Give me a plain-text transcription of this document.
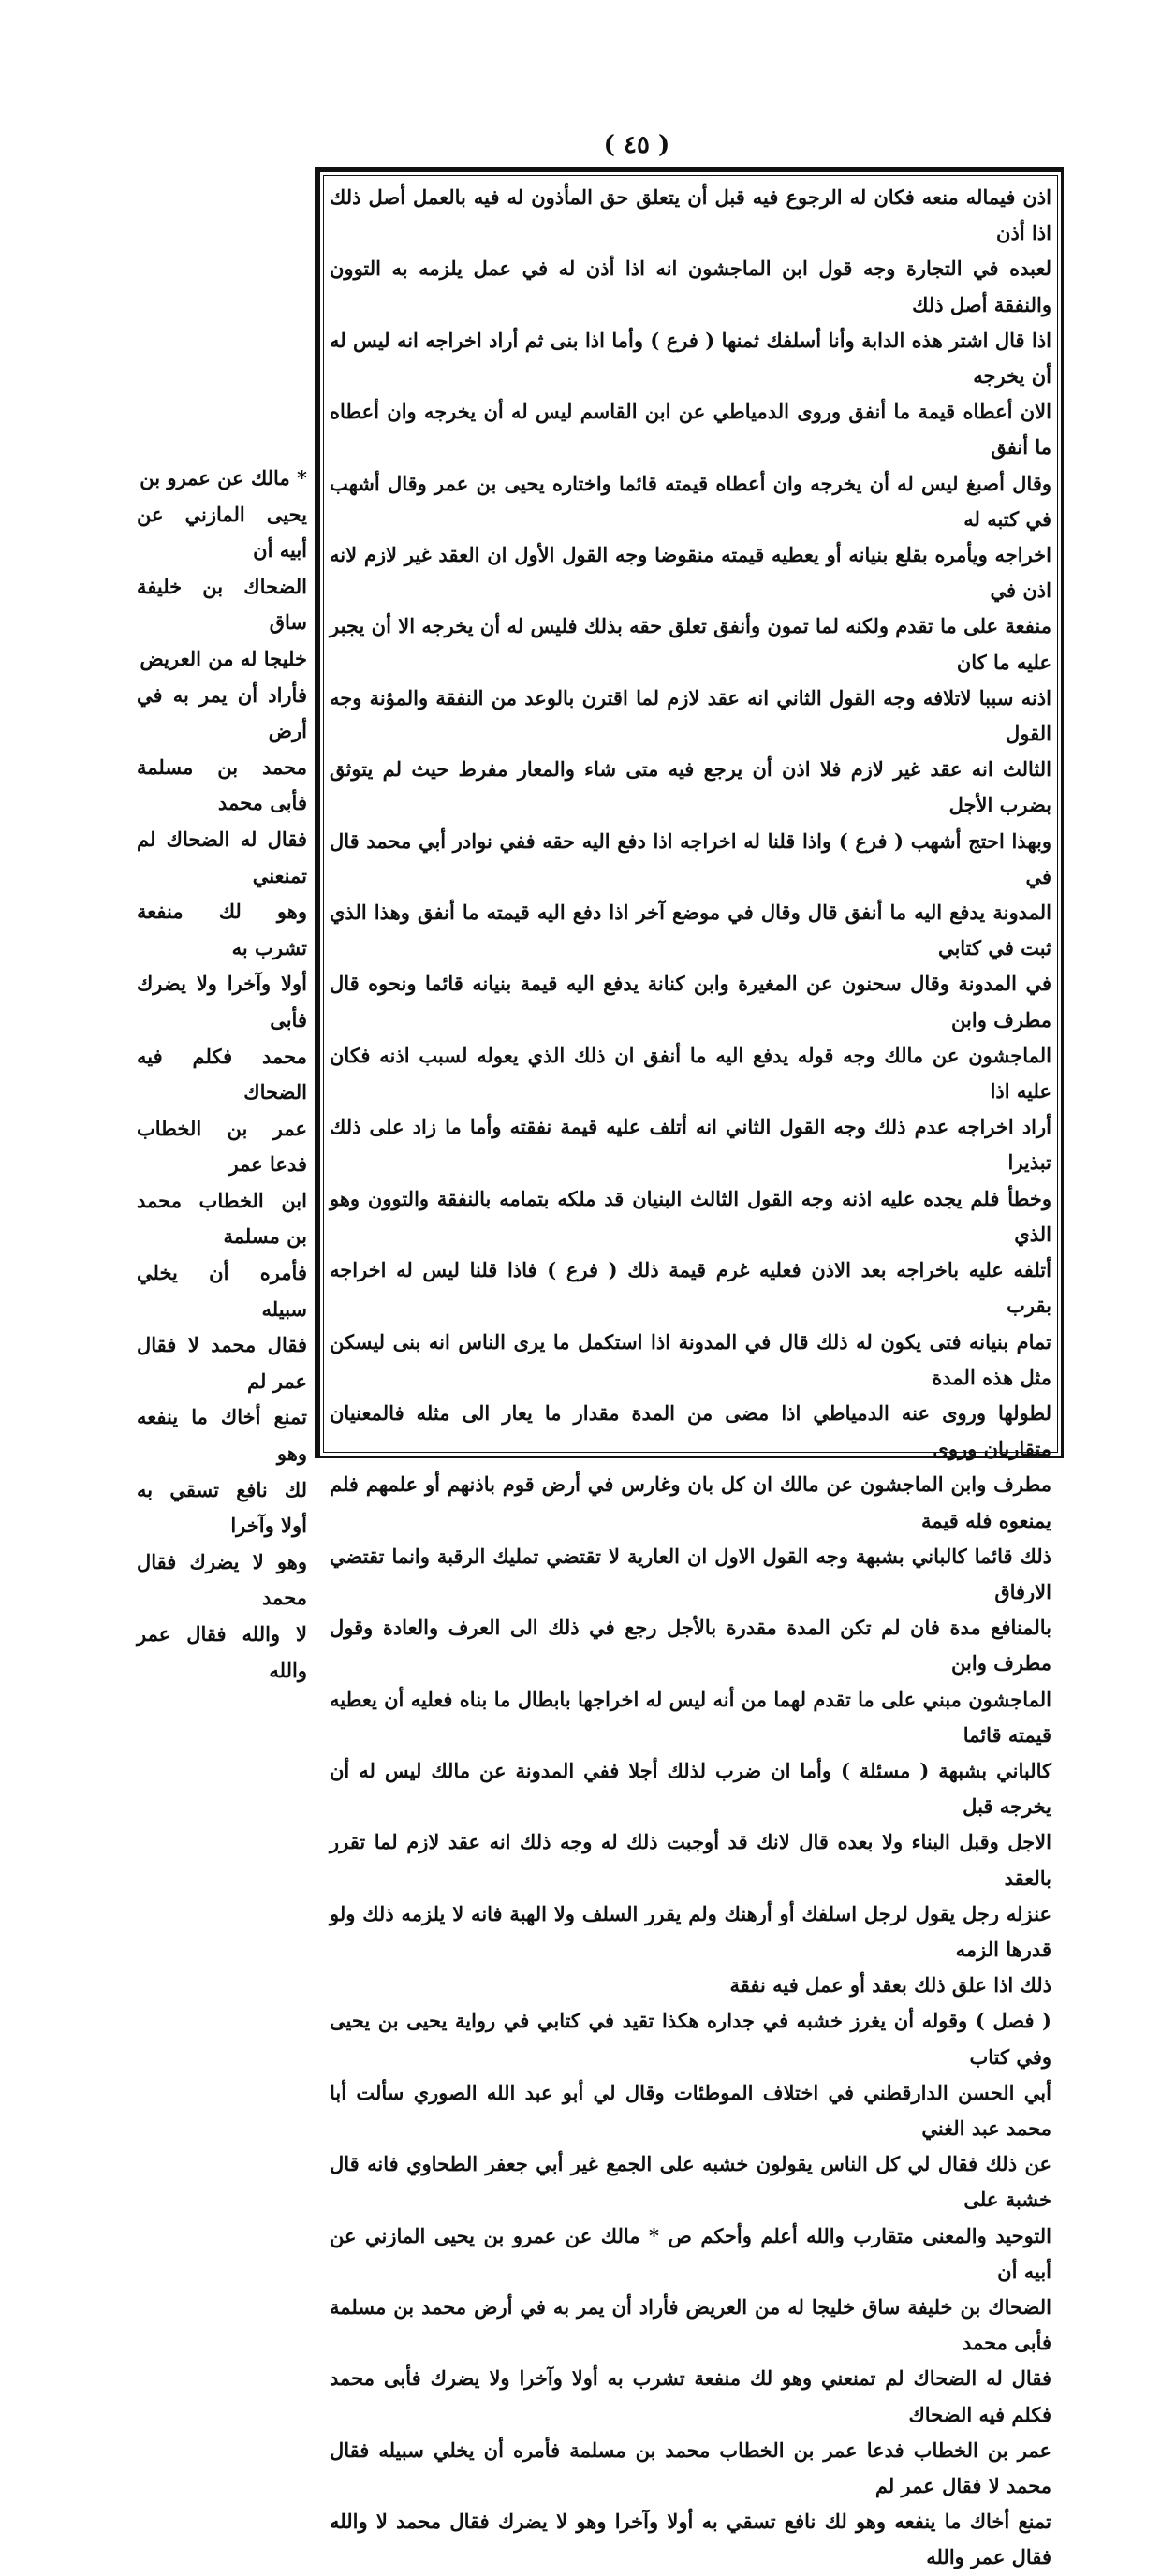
( ٤٥ )

اذن فيماله منعه فكان له الرجوع فيه قبل أن يتعلق حق المأذون له فيه بالعمل أصل ذلك اذا أذن
لعبده في التجارة وجه قول ابن الماجشون انه اذا أذن له في عمل يلزمه به التوون والنفقة أصل ذلك
اذا قال اشتر هذه الدابة وأنا أسلفك ثمنها ( فرع ) وأما اذا بنى ثم أراد اخراجه انه ليس له أن يخرجه
الان أعطاه قيمة ما أنفق وروى الدمياطي عن ابن القاسم ليس له أن يخرجه وان أعطاه ما أنفق
وقال أصبغ ليس له أن يخرجه وان أعطاه قيمته قائما واختاره يحيى بن عمر وقال أشهب في كتبه له
اخراجه ويأمره بقلع بنيانه أو يعطيه قيمته منقوضا وجه القول الأول ان العقد غير لازم لانه اذن في
منفعة على ما تقدم ولكنه لما تمون وأنفق تعلق حقه بذلك فليس له أن يخرجه الا أن يجبر عليه ما كان
اذنه سببا لاتلافه وجه القول الثاني انه عقد لازم لما اقترن بالوعد من النفقة والمؤنة وجه القول
الثالث انه عقد غير لازم فلا اذن أن يرجع فيه متى شاء والمعار مفرط حيث لم يتوثق بضرب الأجل
وبهذا احتج أشهب ( فرع ) واذا قلنا له اخراجه اذا دفع اليه حقه ففي نوادر أبي محمد قال في
المدونة يدفع اليه ما أنفق قال وقال في موضع آخر اذا دفع اليه قيمته ما أنفق وهذا الذي ثبت في كتابي
في المدونة وقال سحنون عن المغيرة وابن كنانة يدفع اليه قيمة بنيانه قائما ونحوه قال مطرف وابن
الماجشون عن مالك وجه قوله يدفع اليه ما أنفق ان ذلك الذي يعوله لسبب اذنه فكان عليه اذا
أراد اخراجه عدم ذلك وجه القول الثاني انه أتلف عليه قيمة نفقته وأما ما زاد على ذلك تبذيرا
وخطأ فلم يجده عليه اذنه وجه القول الثالث البنيان قد ملكه بتمامه بالنفقة والتوون وهو الذي
أتلفه عليه باخراجه بعد الاذن فعليه غرم قيمة ذلك ( فرع ) فاذا قلنا ليس له اخراجه بقرب
تمام بنيانه فتى يكون له ذلك قال في المدونة اذا استكمل ما يرى الناس انه بنى ليسكن مثل هذه المدة
لطولها وروى عنه الدمياطي اذا مضى من المدة مقدار ما يعار الى مثله فالمعنيان متقاربان وروى
مطرف وابن الماجشون عن مالك ان كل بان وغارس في أرض قوم باذنهم أو علمهم فلم يمنعوه فله قيمة
ذلك قائما كالباني بشبهة وجه القول الاول ان العارية لا تقتضي تمليك الرقبة وانما تقتضي الارفاق
بالمنافع مدة فان لم تكن المدة مقدرة بالأجل رجع في ذلك الى العرف والعادة وقول مطرف وابن
الماجشون مبني على ما تقدم لهما من أنه ليس له اخراجها بابطال ما بناه فعليه أن يعطيه قيمته قائما
كالباني بشبهة ( مسئلة ) وأما ان ضرب لذلك أجلا ففي المدونة عن مالك ليس له أن يخرجه قبل
الاجل وقبل البناء ولا بعده قال لانك قد أوجبت ذلك له وجه ذلك انه عقد لازم لما تقرر بالعقد
عنزله رجل يقول لرجل اسلفك أو أرهنك ولم يقرر السلف ولا الهبة فانه لا يلزمه ذلك ولو قدرها الزمه
ذلك اذا علق ذلك بعقد أو عمل فيه نفقة
( فصل ) وقوله أن يغرز خشبه في جداره هكذا تقيد في كتابي في رواية يحيى بن يحيى وفي كتاب
أبي الحسن الدارقطني في اختلاف الموطئات وقال لي أبو عبد الله الصوري سألت أبا محمد عبد الغني
عن ذلك فقال لي كل الناس يقولون خشبه على الجمع غير أبي جعفر الطحاوي فانه قال خشبة على
التوحيد والمعنى متقارب والله أعلم وأحكم ص * مالك عن عمرو بن يحيى المازني عن أبيه أن
الضحاك بن خليفة ساق خليجا له من العريض فأراد أن يمر به في أرض محمد بن مسلمة فأبى محمد
فقال له الضحاك لم تمنعني وهو لك منفعة تشرب به أولا وآخرا ولا يضرك فأبى محمد فكلم فيه الضحاك
عمر بن الخطاب فدعا عمر بن الخطاب محمد بن مسلمة فأمره أن يخلي سبيله فقال محمد لا فقال عمر لم
تمنع أخاك ما ينفعه وهو لك نافع تسقي به أولا وآخرا وهو لا يضرك فقال محمد لا والله فقال عمر والله

* مالك عن عمرو بن
يحيى المازني عن أبيه أن
الضحاك بن خليفة ساق
خليجا له من العريض
فأراد أن يمر به في أرض
محمد بن مسلمة فأبى محمد
فقال له الضحاك لم تمنعني
وهو لك منفعة تشرب به
أولا وآخرا ولا يضرك فأبى
محمد فكلم فيه الضحاك
عمر بن الخطاب فدعا عمر
ابن الخطاب محمد بن مسلمة
فأمره أن يخلي سبيله
فقال محمد لا فقال عمر لم
تمنع أخاك ما ينفعه وهو
لك نافع تسقي به أولا وآخرا
وهو لا يضرك فقال محمد
لا والله فقال عمر والله
